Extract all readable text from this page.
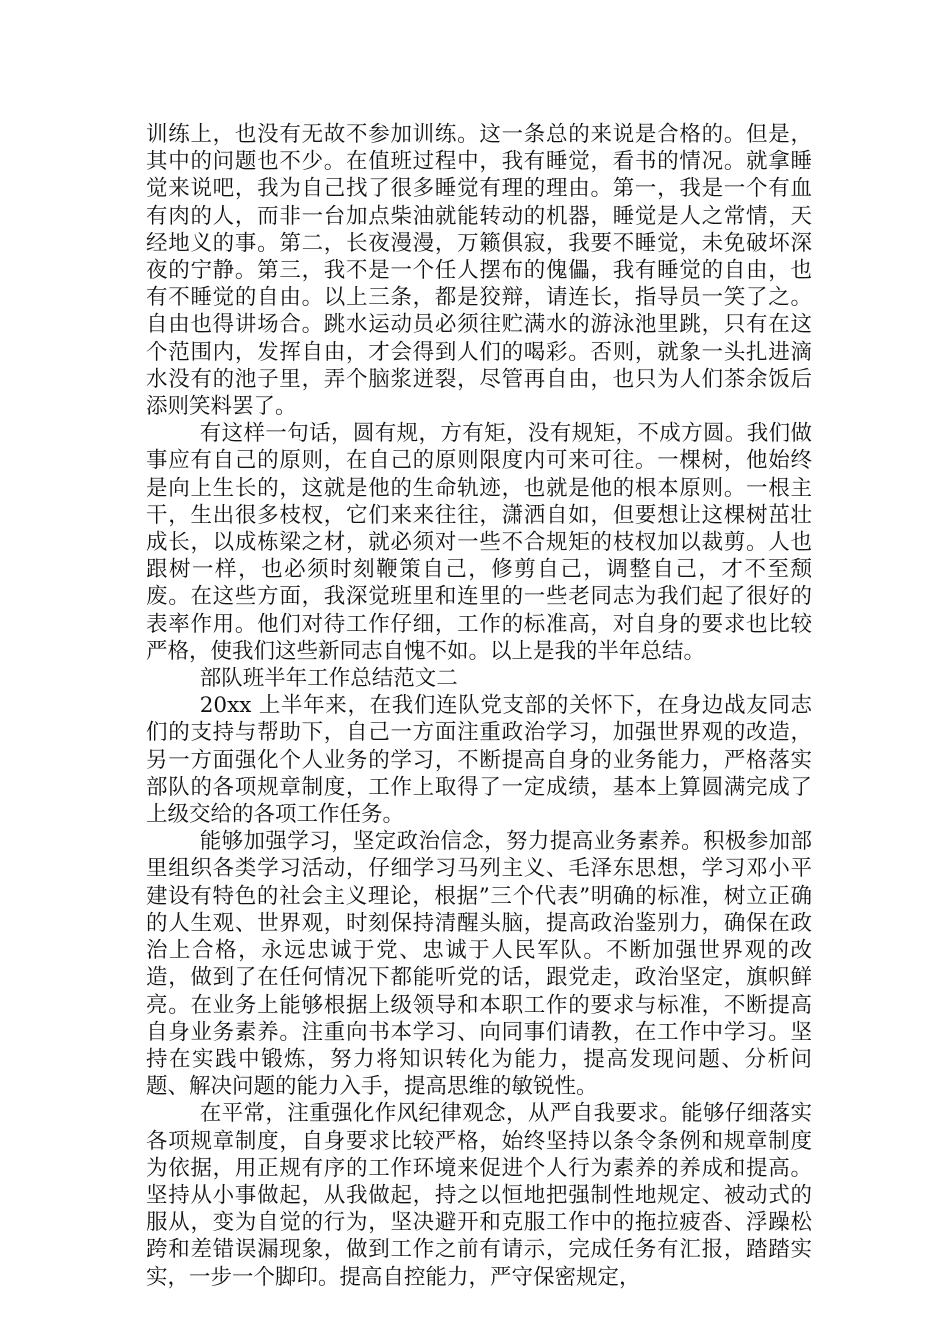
训练上，也没有无故不参加训练。这一条总的来说是合格的。但是，其中的问题也不少。在值班过程中，我有睡觉，看书的情况。就拿睡觉来说吧，我为自己找了很多睡觉有理的理由。第一，我是一个有血有肉的人，而非一台加点柴油就能转动的机器，睡觉是人之常情，天经地义的事。第二，长夜漫漫，万籁俱寂，我要不睡觉，未免破坏深夜的宁静。第三，我不是一个任人摆布的傀儡，我有睡觉的自由，也有不睡觉的自由。以上三条，都是狡辩，请连长，指导员一笑了之。自由也得讲场合。跳水运动员必须往贮满水的游泳池里跳，只有在这个范围内，发挥自由，才会得到人们的喝彩。否则，就象一头扎进滴水没有的池子里，弄个脑浆迸裂，尽管再自由，也只为人们茶余饭后添则笑料罢了。

有这样一句话，圆有规，方有矩，没有规矩，不成方圆。我们做事应有自己的原则，在自己的原则限度内可来可往。一棵树，他始终是向上生长的，这就是他的生命轨迹，也就是他的根本原则。一根主干，生出很多枝杈，它们来来往往，潇洒自如，但要想让这棵树茁壮成长，以成栋梁之材，就必须对一些不合规矩的枝杈加以裁剪。人也跟树一样，也必须时刻鞭策自己，修剪自己，调整自己，才不至颓废。在这些方面，我深觉班里和连里的一些老同志为我们起了很好的表率作用。他们对待工作仔细，工作的标准高，对自身的要求也比较严格，使我们这些新同志自愧不如。以上是我的半年总结。

部队班半年工作总结范文二

20xx 上半年来，在我们连队党支部的关怀下，在身边战友同志们的支持与帮助下，自己一方面注重政治学习，加强世界观的改造，另一方面强化个人业务的学习，不断提高自身的业务能力，严格落实部队的各项规章制度，工作上取得了一定成绩，基本上算圆满完成了上级交给的各项工作任务。

能够加强学习，坚定政治信念，努力提高业务素养。积极参加部里组织各类学习活动，仔细学习马列主义、毛泽东思想，学习邓小平建设有特色的社会主义理论，根据”三个代表”明确的标准，树立正确的人生观、世界观，时刻保持清醒头脑，提高政治鉴别力，确保在政治上合格，永远忠诚于党、忠诚于人民军队。不断加强世界观的改造，做到了在任何情况下都能听党的话，跟党走，政治坚定，旗帜鲜亮。在业务上能够根据上级领导和本职工作的要求与标准，不断提高自身业务素养。注重向书本学习、向同事们请教，在工作中学习。坚持在实践中锻炼，努力将知识转化为能力，提高发现问题、分析问题、解决问题的能力入手，提高思维的敏锐性。

在平常，注重强化作风纪律观念，从严自我要求。能够仔细落实各项规章制度，自身要求比较严格，始终坚持以条令条例和规章制度为依据，用正规有序的工作环境来促进个人行为素养的养成和提高。坚持从小事做起，从我做起，持之以恒地把强制性地规定、被动式的服从，变为自觉的行为，坚决避开和克服工作中的拖拉疲沓、浮躁松跨和差错误漏现象，做到工作之前有请示，完成任务有汇报，踏踏实实，一步一个脚印。提高自控能力，严守保密规定，
